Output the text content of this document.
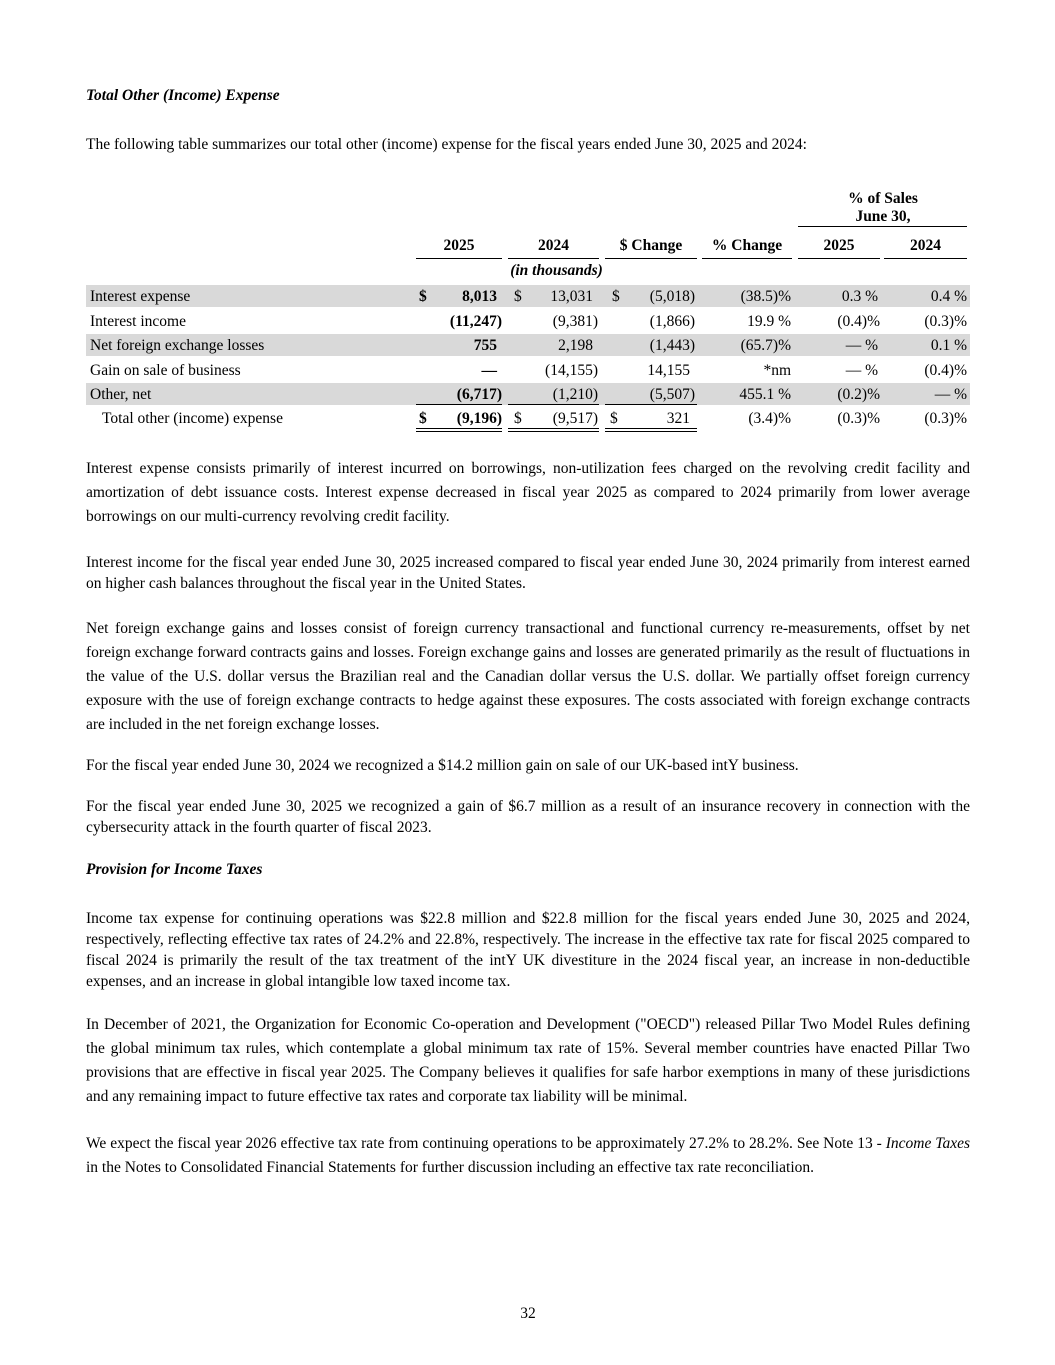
Total Other (Income) Expense
The following table summarizes our total other (income) expense for the fiscal years ended June 30, 2025 and 2024:
% of Sales
June 30,
2025	2024	$ Change	% Change	2025	2024
(in thousands)
Interest expense	$	8,013 $	13,031 $	(5,018)	(38.5)%	0.3 %	0.4 %
Interest income	(11,247)	(9,381)	(1,866)	19.9 %	(0.4)%	(0.3)%
Net foreign exchange losses	755	2,198	(1,443)	(65.7)%	— %	0.1 %
Gain on sale of business	—	(14,155)	14,155	*nm	— %	(0.4)%
Other, net	(6,717)	(1,210)	(5,507)	455.1 %	(0.2)%	— %
Total other (income) expense	$	(9,196) $	(9,517) $	321	(3.4)%	(0.3)%	(0.3)%
Interest expense consists primarily of interest incurred on borrowings, non-utilization fees charged on the revolving credit facility and amortization of debt issuance costs. Interest expense decreased in fiscal year 2025 as compared to 2024 primarily from lower average borrowings on our multi-currency revolving credit facility.
Interest income for the fiscal year ended June 30, 2025 increased compared to fiscal year ended June 30, 2024 primarily from interest earned on higher cash balances throughout the fiscal year in the United States.
Net foreign exchange gains and losses consist of foreign currency transactional and functional currency re-measurements, offset by net foreign exchange forward contracts gains and losses. Foreign exchange gains and losses are generated primarily as the result of fluctuations in the value of the U.S. dollar versus the Brazilian real and the Canadian dollar versus the U.S. dollar. We partially offset foreign currency exposure with the use of foreign exchange contracts to hedge against these exposures. The costs associated with foreign exchange contracts are included in the net foreign exchange losses.
For the fiscal year ended June 30, 2024 we recognized a $14.2 million gain on sale of our UK-based intY business.
For the fiscal year ended June 30, 2025 we recognized a gain of $6.7 million as a result of an insurance recovery in connection with the cybersecurity attack in the fourth quarter of fiscal 2023.
Provision for Income Taxes
Income tax expense for continuing operations was $22.8 million and $22.8 million for the fiscal years ended June 30, 2025 and 2024, respectively, reflecting effective tax rates of 24.2% and 22.8%, respectively. The increase in the effective tax rate for fiscal 2025 compared to fiscal 2024 is primarily the result of the tax treatment of the intY UK divestiture in the 2024 fiscal year, an increase in non-deductible expenses, and an increase in global intangible low taxed income tax.
In December of 2021, the Organization for Economic Co-operation and Development ("OECD") released Pillar Two Model Rules defining the global minimum tax rules, which contemplate a global minimum tax rate of 15%. Several member countries have enacted Pillar Two provisions that are effective in fiscal year 2025. The Company believes it qualifies for safe harbor exemptions in many of these jurisdictions and any remaining impact to future effective tax rates and corporate tax liability will be minimal.
We expect the fiscal year 2026 effective tax rate from continuing operations to be approximately 27.2% to 28.2%. See Note 13 - Income Taxes in the Notes to Consolidated Financial Statements for further discussion including an effective tax rate reconciliation.
32
